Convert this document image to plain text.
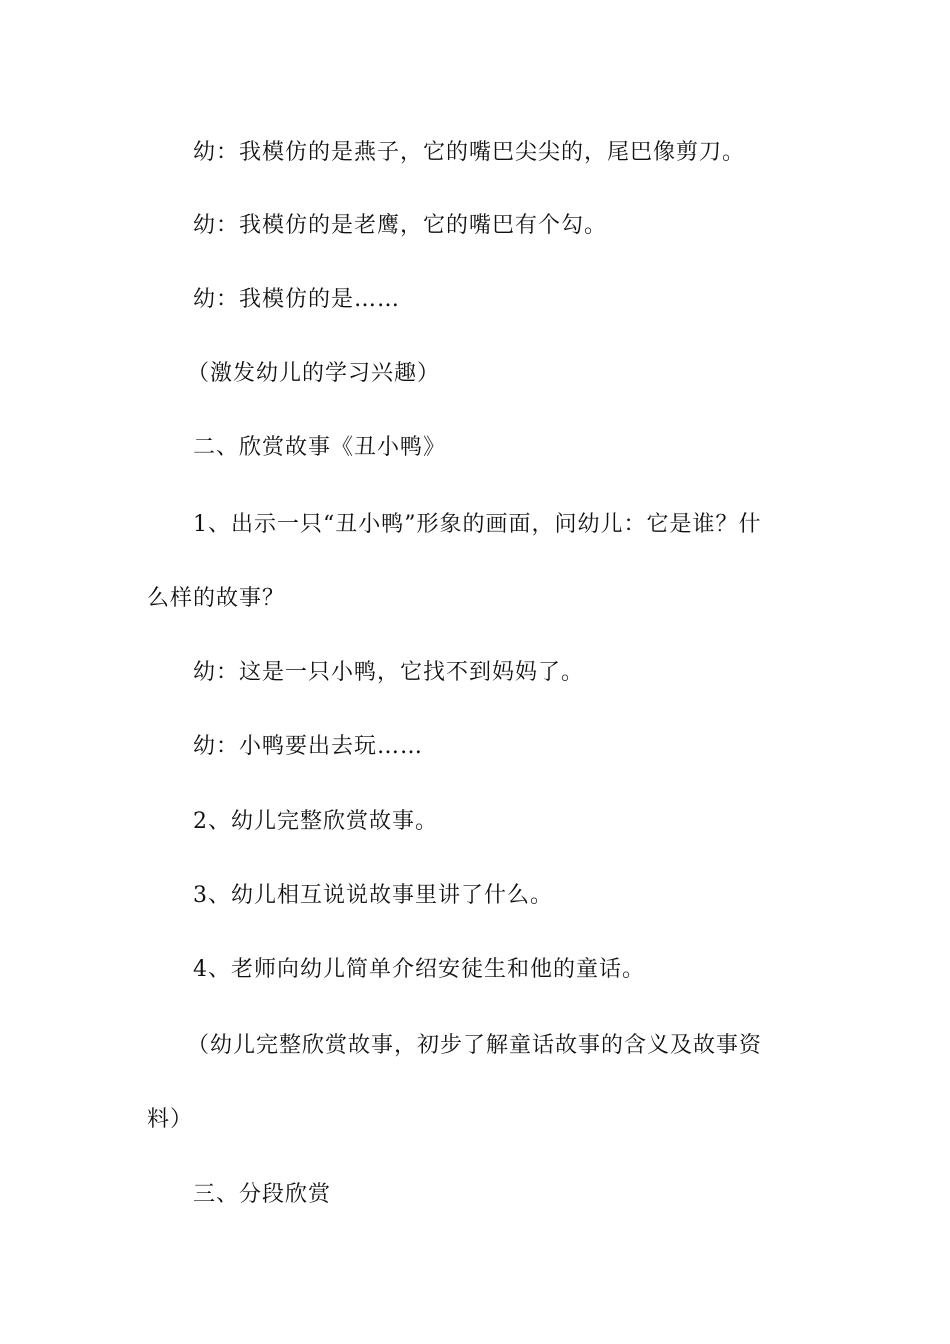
幼：我模仿的是燕子，它的嘴巴尖尖的，尾巴像剪刀。
幼：我模仿的是老鹰，它的嘴巴有个勾。
幼：我模仿的是……
（激发幼儿的学习兴趣）
二、欣赏故事《丑小鸭》
1、出示一只“丑小鸭”形象的画面，问幼儿：它是谁？什
么样的故事？
幼：这是一只小鸭，它找不到妈妈了。
幼：小鸭要出去玩……
2、幼儿完整欣赏故事。
3、幼儿相互说说故事里讲了什么。
4、老师向幼儿简单介绍安徒生和他的童话。
（幼儿完整欣赏故事，初步了解童话故事的含义及故事资
料）
三、分段欣赏
